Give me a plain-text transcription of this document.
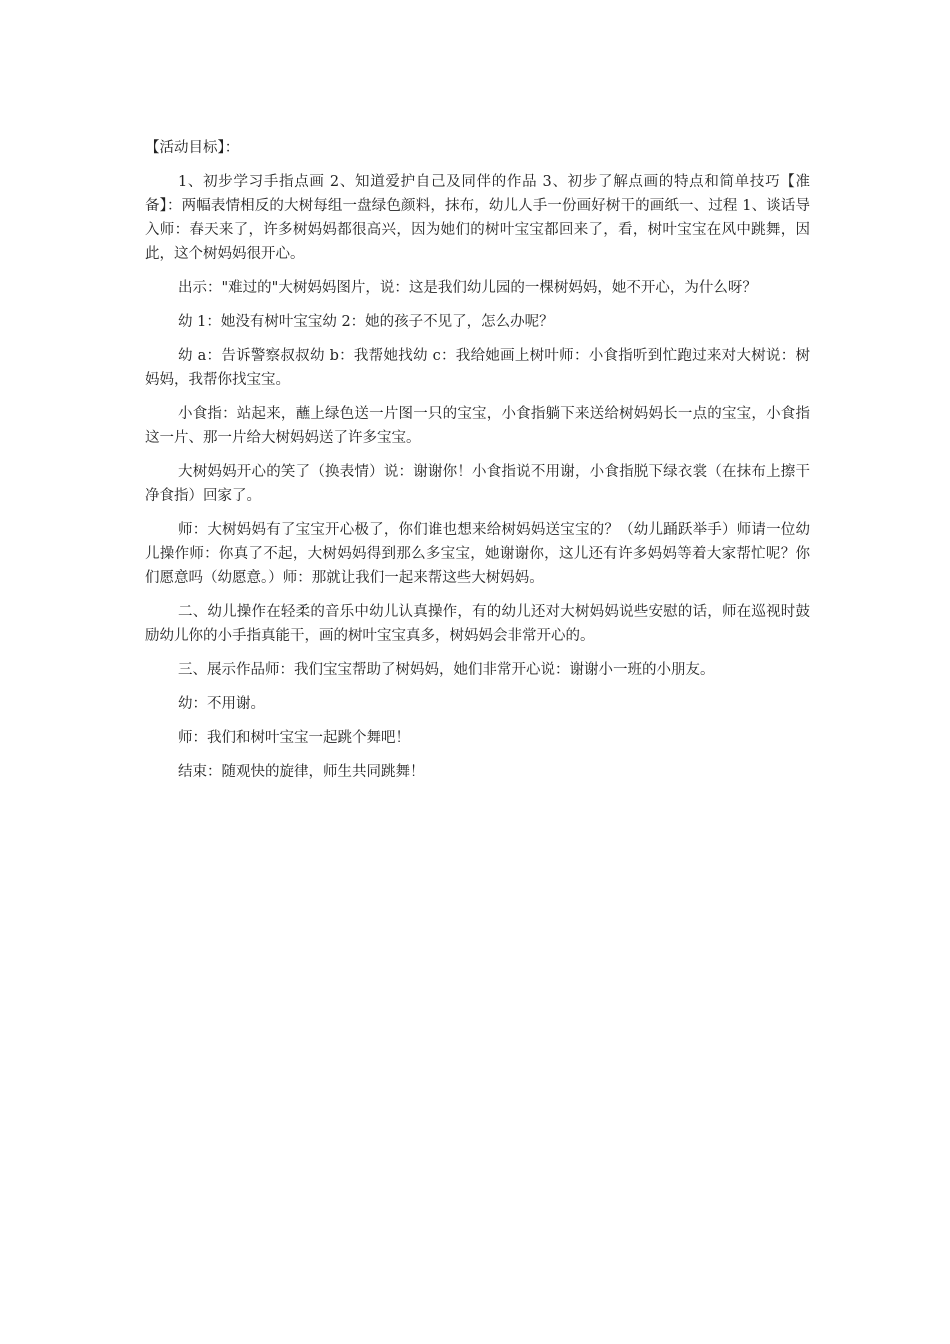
【活动目标】：

1、初步学习手指点画 2、知道爱护自己及同伴的作品 3、初步了解点画的特点和简单技巧【准备】：两幅表情相反的大树每组一盘绿色颜料，抹布，幼儿人手一份画好树干的画纸一、过程 1、谈话导入师：春天来了，许多树妈妈都很高兴，因为她们的树叶宝宝都回来了，看，树叶宝宝在风中跳舞，因此，这个树妈妈很开心。

出示："难过的"大树妈妈图片，说：这是我们幼儿园的一棵树妈妈，她不开心，为什么呀？

幼 1：她没有树叶宝宝幼 2：她的孩子不见了，怎么办呢？

幼 a：告诉警察叔叔幼 b：我帮她找幼 c：我给她画上树叶师：小食指听到忙跑过来对大树说：树妈妈，我帮你找宝宝。

小食指：站起来，蘸上绿色送一片图一只的宝宝，小食指躺下来送给树妈妈长一点的宝宝，小食指这一片、那一片给大树妈妈送了许多宝宝。

大树妈妈开心的笑了（换表情）说：谢谢你！小食指说不用谢，小食指脱下绿衣裳（在抹布上擦干净食指）回家了。

师：大树妈妈有了宝宝开心极了，你们谁也想来给树妈妈送宝宝的？（幼儿踊跃举手）师请一位幼儿操作师：你真了不起，大树妈妈得到那么多宝宝，她谢谢你，这儿还有许多妈妈等着大家帮忙呢？你们愿意吗（幼愿意。）师：那就让我们一起来帮这些大树妈妈。

二、幼儿操作在轻柔的音乐中幼儿认真操作，有的幼儿还对大树妈妈说些安慰的话，师在巡视时鼓励幼儿你的小手指真能干，画的树叶宝宝真多，树妈妈会非常开心的。

三、展示作品师：我们宝宝帮助了树妈妈，她们非常开心说：谢谢小一班的小朋友。

幼：不用谢。

师：我们和树叶宝宝一起跳个舞吧！

结束：随观快的旋律，师生共同跳舞！
